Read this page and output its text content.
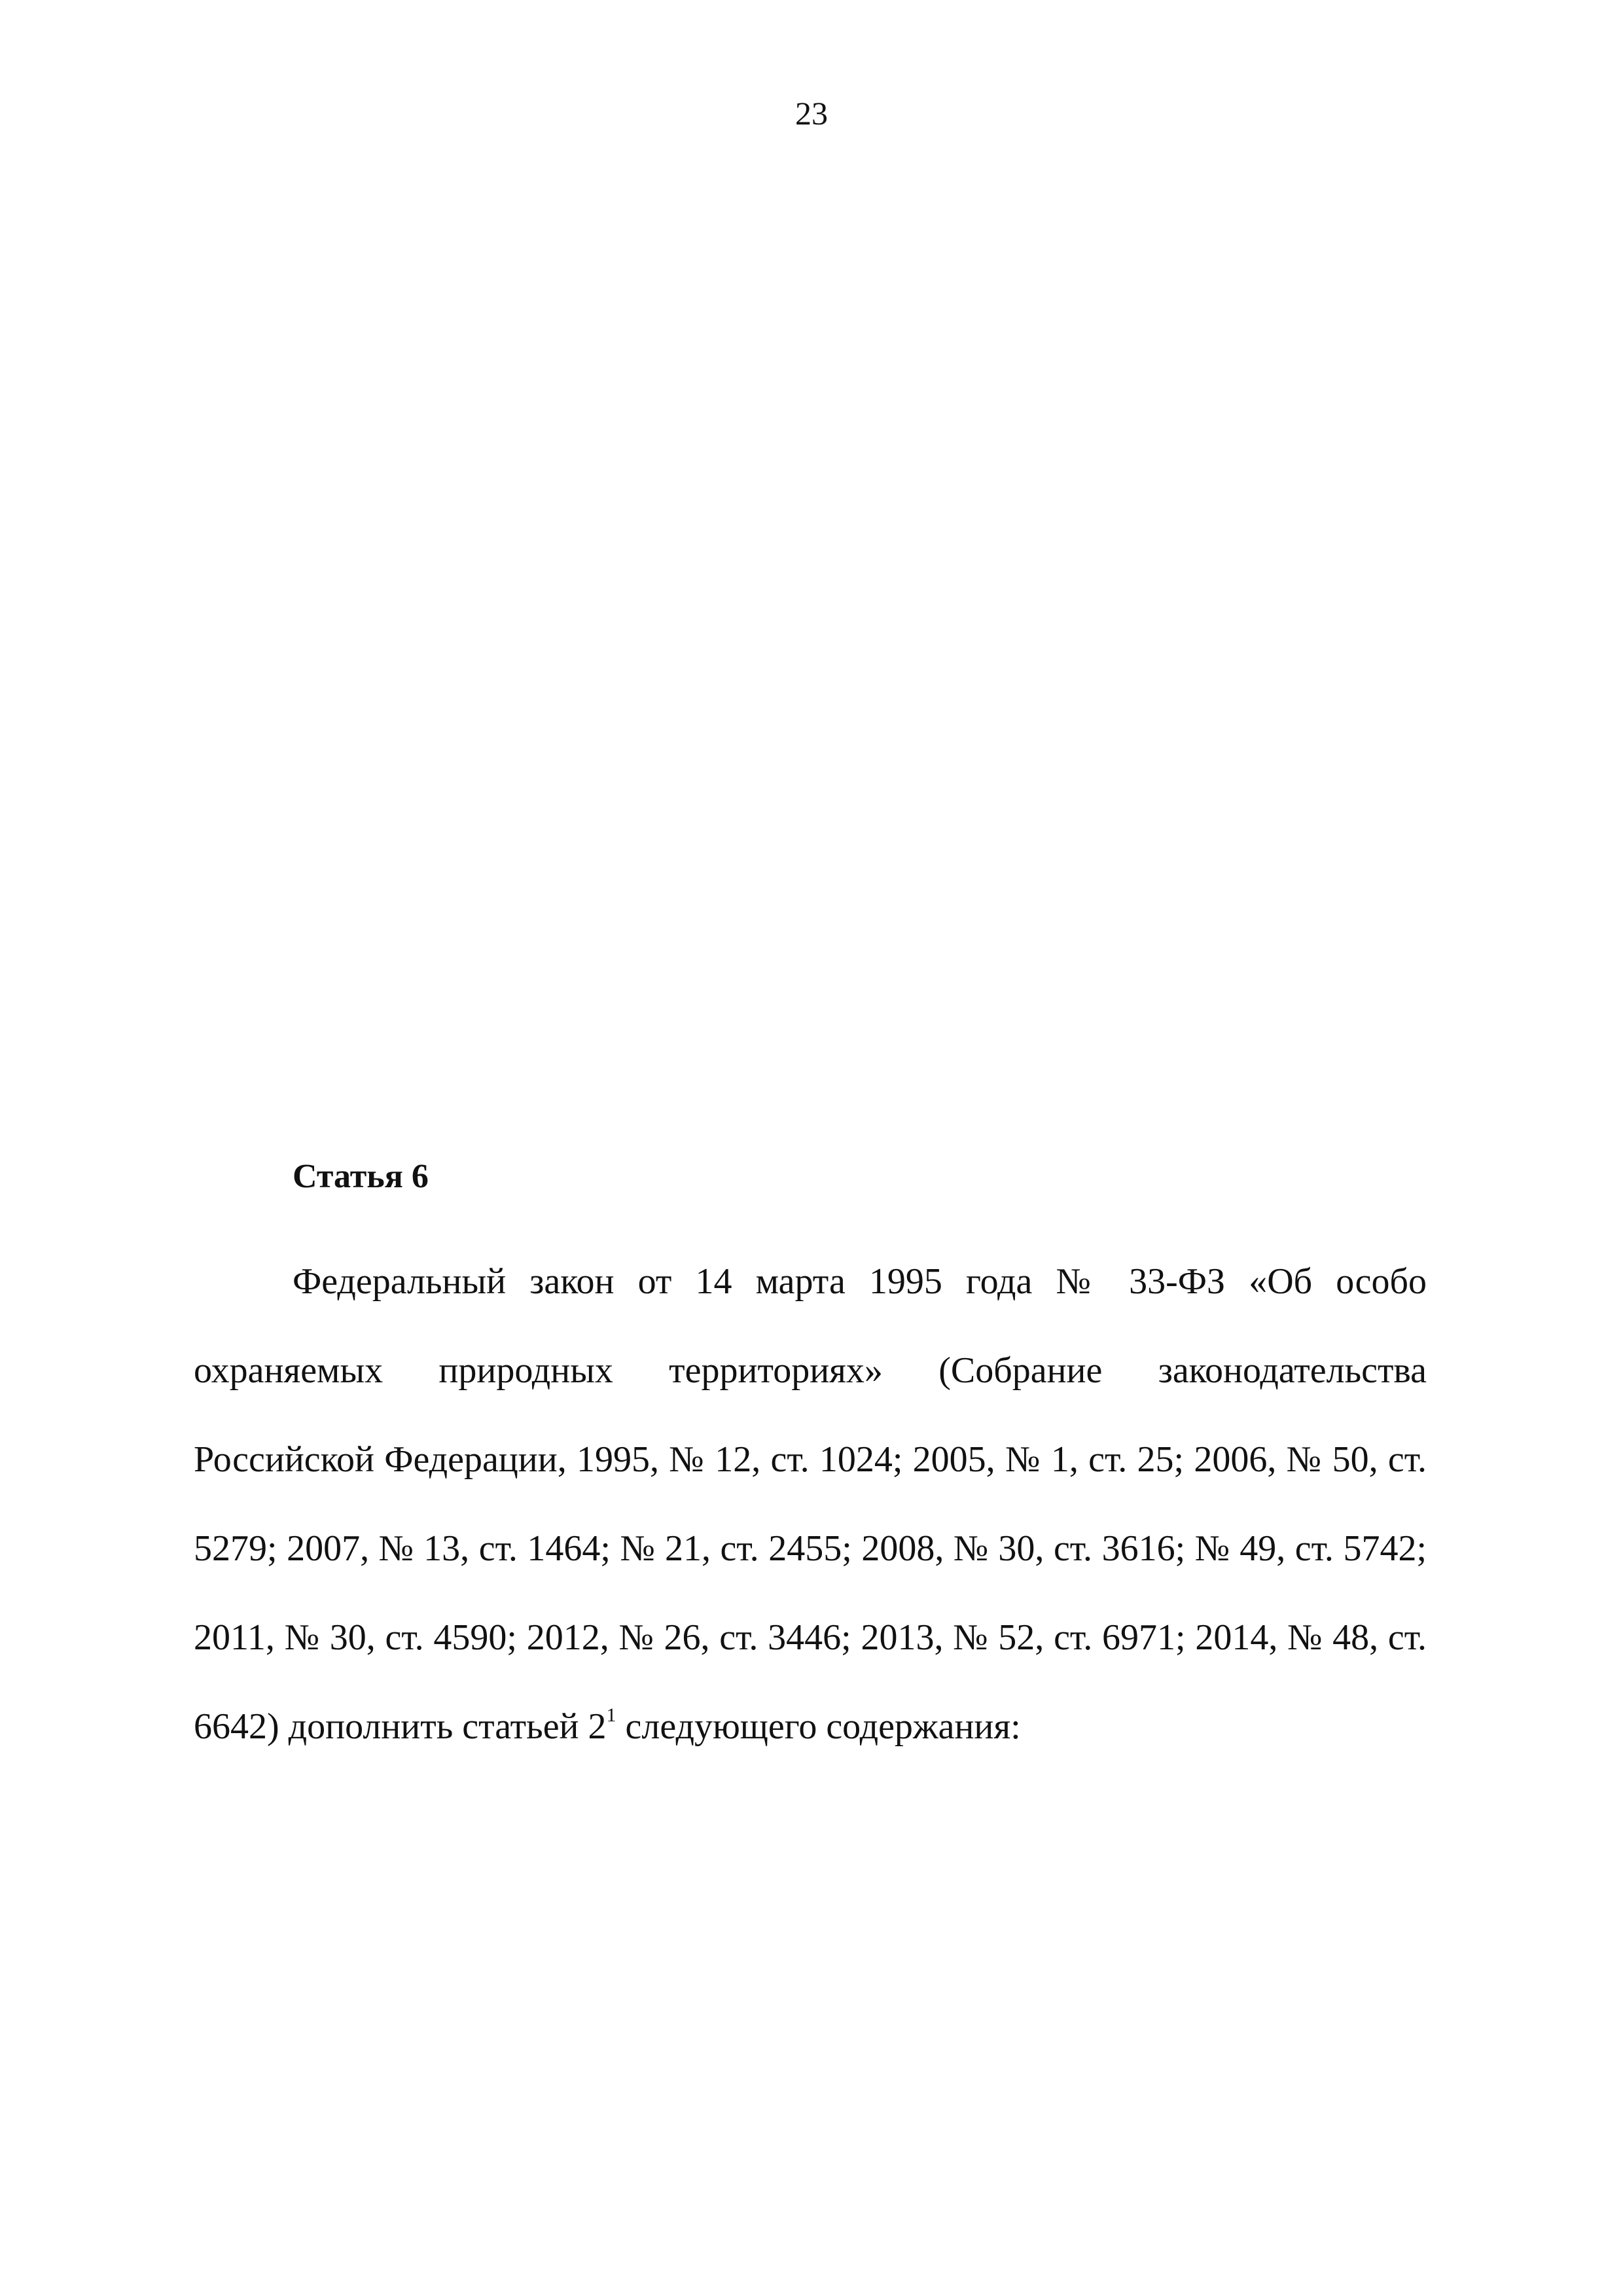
23
Статья 6

Федеральный закон от 14 марта 1995 года № 33-ФЗ «Об особо охраняемых природных территориях» (Собрание законодательства Российской Федерации, 1995, № 12, ст. 1024; 2005, № 1, ст. 25; 2006, № 50, ст. 5279; 2007, № 13, ст. 1464; № 21, ст. 2455; 2008, № 30, ст. 3616; № 49, ст. 5742; 2011, № 30, ст. 4590; 2012, № 26, ст. 3446; 2013, № 52, ст. 6971; 2014, № 48, ст. 6642) дополнить статьей $2^1$ следующего содержания:
